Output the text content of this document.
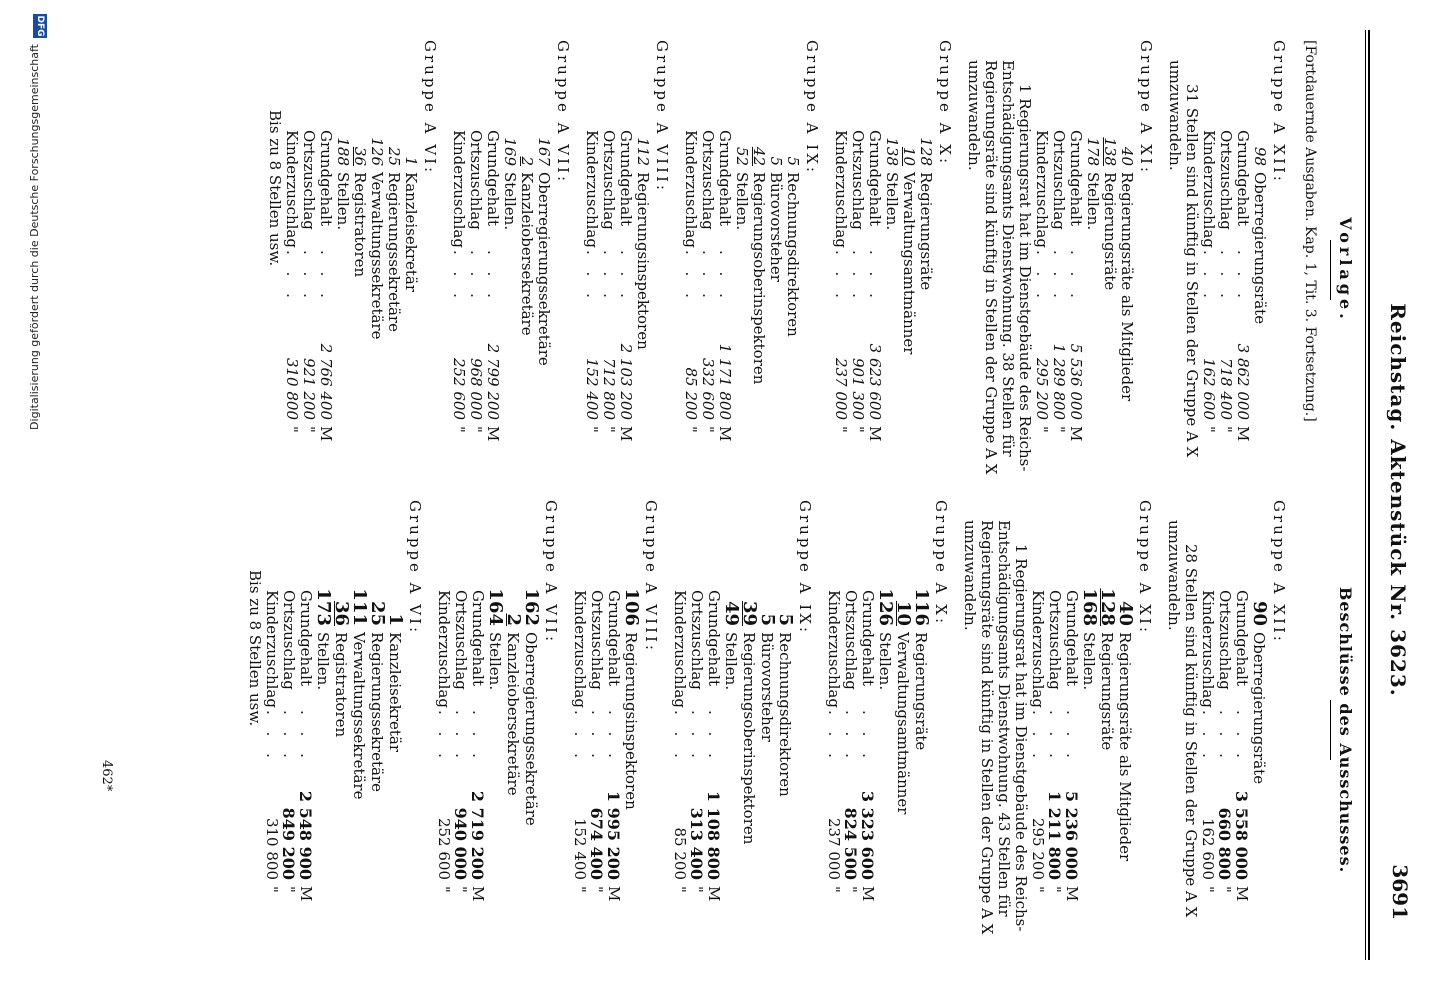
Reichstag. Aktenstück Nr. 3623.
3691
Vorlage.
[Fortdauernde Ausgaben. Kap. 1, Tit. 3. Fortsetzung.]
Gruppe A XII:
98Oberregierungsräte
Grundgehalt
. . .
3 862 000
M
Ortszuschlag
. . .
718 400
"
Kinderzuschlag
. . .
162 600
"
31 Stellen sind künftig in Stellen der Gruppe A X umzuwandeln.
Gruppe A XI:
40Regierungsräte als Mitglieder
138Regierungsräte
178Stellen.
Grundgehalt
. . .
5 536 000
M
Ortszuschlag
. . .
1 289 800
"
Kinderzuschlag
. . .
295 200
"
1 Regierungsrat hat im Dienstgebäude des Reichs-Entschädigungsamts Dienstwohnung. 38 Stellen für Regierungsräte sind künftig in Stellen der Gruppe A X umzuwandeln.
Gruppe A X:
128Regierungsräte
10Verwaltungsamtmänner
138Stellen.
Grundgehalt
. . .
3 623 600
M
Ortszuschlag
. . .
901 300
"
Kinderzuschlag
. . .
237 000
"
Gruppe A IX:
5Rechnungsdirektoren
5Bürovorsteher
42Regierungsoberinspektoren
52Stellen.
Grundgehalt
. . .
1 171 800
M
Ortszuschlag
. . .
332 600
"
Kinderzuschlag
. . .
85 200
"
Gruppe A VIII:
112Regierungsinspektoren
Grundgehalt
. . .
2 103 200
M
Ortszuschlag
. . .
712 800
"
Kinderzuschlag
. . .
152 400
"
Gruppe A VII:
167Oberregierungssekretäre
2Kanzleiobersekretäre
169Stellen.
Grundgehalt
. . .
2 799 200
M
Ortszuschlag
. . .
968 000
"
Kinderzuschlag
. . .
252 600
"
Gruppe A VI:
1Kanzleisekretär
25Regierungssekretäre
126Verwaltungssekretäre
36Registratoren
188Stellen.
Grundgehalt
. . .
2 766 400
M
Ortszuschlag
. . .
921 200
"
Kinderzuschlag
. . .
310 800
"
Bis zu 8 Stellen usw.
Beschlüsse des Ausschusses.

Gruppe A XII:
90Oberregierungsräte
Grundgehalt
. . .
3 558 000
M
Ortszuschlag
. . .
660 800
"
Kinderzuschlag
. . .
162 600
"
28 Stellen sind künftig in Stellen der Gruppe A X umzuwandeln.
Gruppe A XI:
40Regierungsräte als Mitglieder
128Regierungsräte
168Stellen.
Grundgehalt
. . .
5 236 000
M
Ortszuschlag
. . .
1 211 800
"
Kinderzuschlag
. . .
295 200
"
1 Regierungsrat hat im Dienstgebäude des Reichs-Entschädigungsamts Dienstwohnung. 43 Stellen für Regierungsräte sind künftig in Stellen der Gruppe A X umzuwandeln.
Gruppe A X:
116Regierungsräte
10Verwaltungsamtmänner
126Stellen.
Grundgehalt
. . .
3 323 600
M
Ortszuschlag
. . .
824 500
"
Kinderzuschlag
. . .
237 000
"
Gruppe A IX:
5Rechnungsdirektoren
5Bürovorsteher
39Regierungsoberinspektoren
49Stellen.
Grundgehalt
. . .
1 108 800
M
Ortszuschlag
. . .
313 400
"
Kinderzuschlag
. . .
85 200
"
Gruppe A VIII:
106Regierungsinspektoren
Grundgehalt
. . .
1 995 200
M
Ortszuschlag
. . .
674 400
"
Kinderzuschlag
. . .
152 400
"
Gruppe A VII:
162Oberregierungssekretäre
2Kanzleiobersekretäre
164Stellen.
Grundgehalt
. . .
2 719 200
M
Ortszuschlag
. . .
940 000
"
Kinderzuschlag
. . .
252 600
"
Gruppe A VI:
1Kanzleisekretär
25Regierungssekretäre
111Verwaltungssekretäre
36Registratoren
173Stellen.
Grundgehalt
. . .
2 548 900
M
Ortszuschlag
. . .
849 200
"
Kinderzuschlag
. . .
310 800
"
Bis zu 8 Stellen usw.
462*
DFG
Digitalisierung gefördert durch die Deutsche Forschungsgemeinschaft
